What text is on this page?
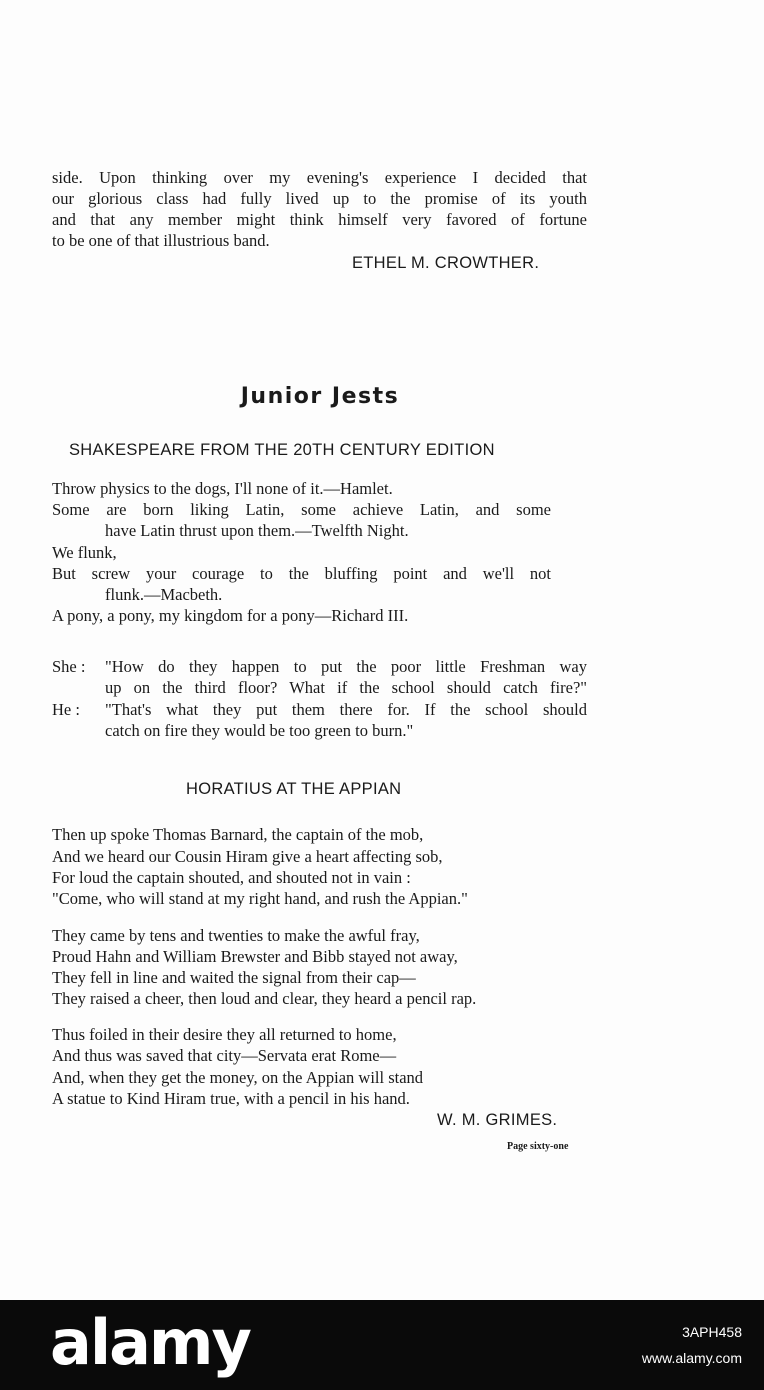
side. Upon thinking over my evening's experience I decided that
our glorious class had fully lived up to the promise of its youth
and that any member might think himself very favored of fortune
to be one of that illustrious band.
ETHEL M. CROWTHER.
Junior Jests
SHAKESPEARE FROM THE 20TH CENTURY EDITION
Throw physics to the dogs, I'll none of it.—Hamlet.
Some are born liking Latin, some achieve Latin, and some
have Latin thrust upon them.—Twelfth Night.
We flunk,
But screw your courage to the bluffing point and we'll not
flunk.—Macbeth.
A pony, a pony, my kingdom for a pony—Richard III.
She : "How do they happen to put the poor little Freshman way
up on the third floor? What if the school should catch fire?"
He : "That's what they put them there for. If the school should
catch on fire they would be too green to burn."
HORATIUS AT THE APPIAN
Then up spoke Thomas Barnard, the captain of the mob,
And we heard our Cousin Hiram give a heart affecting sob,
For loud the captain shouted, and shouted not in vain :
"Come, who will stand at my right hand, and rush the Appian."
They came by tens and twenties to make the awful fray,
Proud Hahn and William Brewster and Bibb stayed not away,
They fell in line and waited the signal from their cap—
They raised a cheer, then loud and clear, they heard a pencil rap.
Thus foiled in their desire they all returned to home,
And thus was saved that city—Servata erat Rome—
And, when they get the money, on the Appian will stand
A statue to Kind Hiram true, with a pencil in his hand.
W. M. GRIMES.
Page sixty-one
alamy	3APH458
www.alamy.com
